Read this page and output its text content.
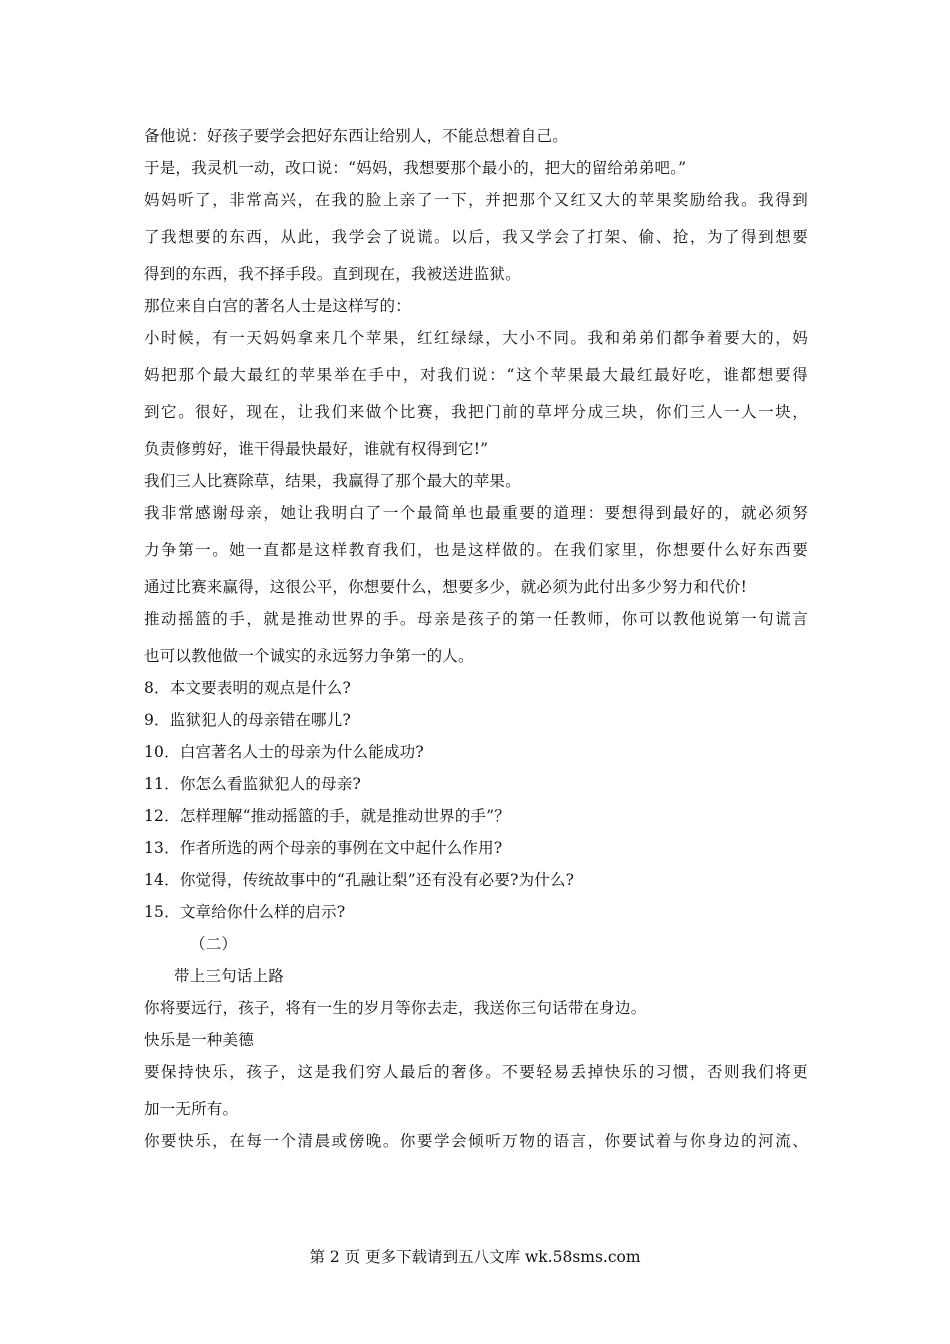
备他说：好孩子要学会把好东西让给别人，不能总想着自己。
于是，我灵机一动，改口说：“妈妈，我想要那个最小的，把大的留给弟弟吧。”
妈妈听了，非常高兴，在我的脸上亲了一下，并把那个又红又大的苹果奖励给我。我得到
了我想要的东西，从此，我学会了说谎。以后，我又学会了打架、偷、抢，为了得到想要
得到的东西，我不择手段。直到现在，我被送进监狱。
那位来自白宫的著名人士是这样写的：
小时候，有一天妈妈拿来几个苹果，红红绿绿，大小不同。我和弟弟们都争着要大的，妈
妈把那个最大最红的苹果举在手中，对我们说：“这个苹果最大最红最好吃，谁都想要得
到它。很好，现在，让我们来做个比赛，我把门前的草坪分成三块，你们三人一人一块，
负责修剪好，谁干得最快最好，谁就有权得到它!”
我们三人比赛除草，结果，我赢得了那个最大的苹果。
我非常感谢母亲，她让我明白了一个最简单也最重要的道理：要想得到最好的，就必须努
力争第一。她一直都是这样教育我们，也是这样做的。在我们家里，你想要什么好东西要
通过比赛来赢得，这很公平，你想要什么，想要多少，就必须为此付出多少努力和代价!
推动摇篮的手，就是推动世界的手。母亲是孩子的第一任教师，你可以教他说第一句谎言
也可以教他做一个诚实的永远努力争第一的人。
8．本文要表明的观点是什么?
9．监狱犯人的母亲错在哪儿?
10．白宫著名人士的母亲为什么能成功?
11．你怎么看监狱犯人的母亲?
12．怎样理解“推动摇篮的手，就是推动世界的手”？
13．作者所选的两个母亲的事例在文中起什么作用?
14．你觉得，传统故事中的“孔融让梨”还有没有必要?为什么?
15．文章给你什么样的启示?
（二）
带上三句话上路
你将要远行，孩子，将有一生的岁月等你去走，我送你三句话带在身边。
快乐是一种美德
要保持快乐，孩子，这是我们穷人最后的奢侈。不要轻易丢掉快乐的习惯，否则我们将更
加一无所有。
你要快乐，在每一个清晨或傍晚。你要学会倾听万物的语言，你要试着与你身边的河流、
第 2 页 更多下载请到五八文库 wk.58sms.com
